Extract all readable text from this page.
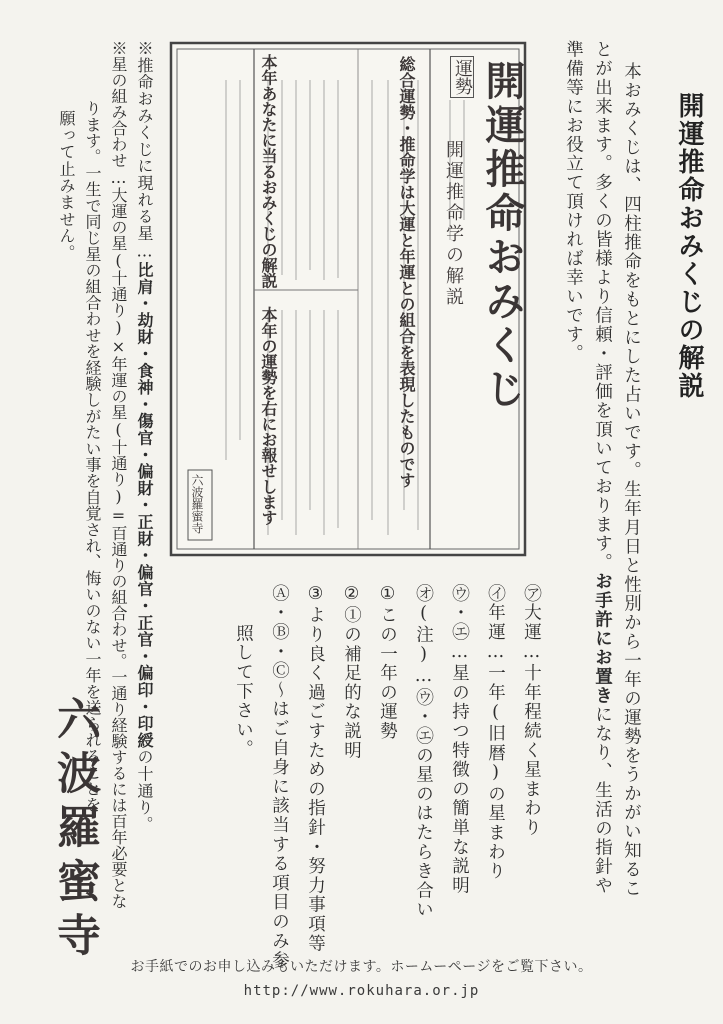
開運推命おみくじの解説
本おみくじは、四柱推命をもとにした占いです。生年月日と性別から一年の運勢をうかがい知るこ
とが出来ます。多くの皆様より信頼・評価を頂いております。お手許にお置きになり、生活の指針や
準備等にお役立て頂ければ幸いです。
開運推命おみくじ
開運推命学の解説
総合運勢・推命学は大運と年運との組合を表現したものです
本年あなたに当るおみくじの解説 本年の運勢を右にお報せします	運勢
六波羅蜜寺
㋐大運…十年程続く星まわり
㋑年運…一年(旧暦)の星まわり
㋒・㋓…星の持つ特徴の簡単な説明
㋔(注)…㋒・㋓の星のはたらき合い
①この一年の運勢
②①の補足的な説明
③より良く過ごすための指針・努力事項等
Ⓐ・Ⓑ・Ⓒ〜はご自身に該当する項目のみ参
照して下さい。
※推命おみくじに現れる星…比肩・劫財・食神・傷官・偏財・正財・偏官・正官・偏印・印綬の十通り。
※星の組み合わせ…大運の星(十通り)×年運の星(十通り)=百通りの組合わせ。一通り経験するには百年必要とな
ります。一生で同じ星の組合わせを経験しがたい事を自覚され、悔いのない一年を送られることを
願って止みません。
六波羅蜜寺
お手紙でのお申し込みもいただけます。ホームーページをご覧下さい。
http://www.rokuhara.or.jp
